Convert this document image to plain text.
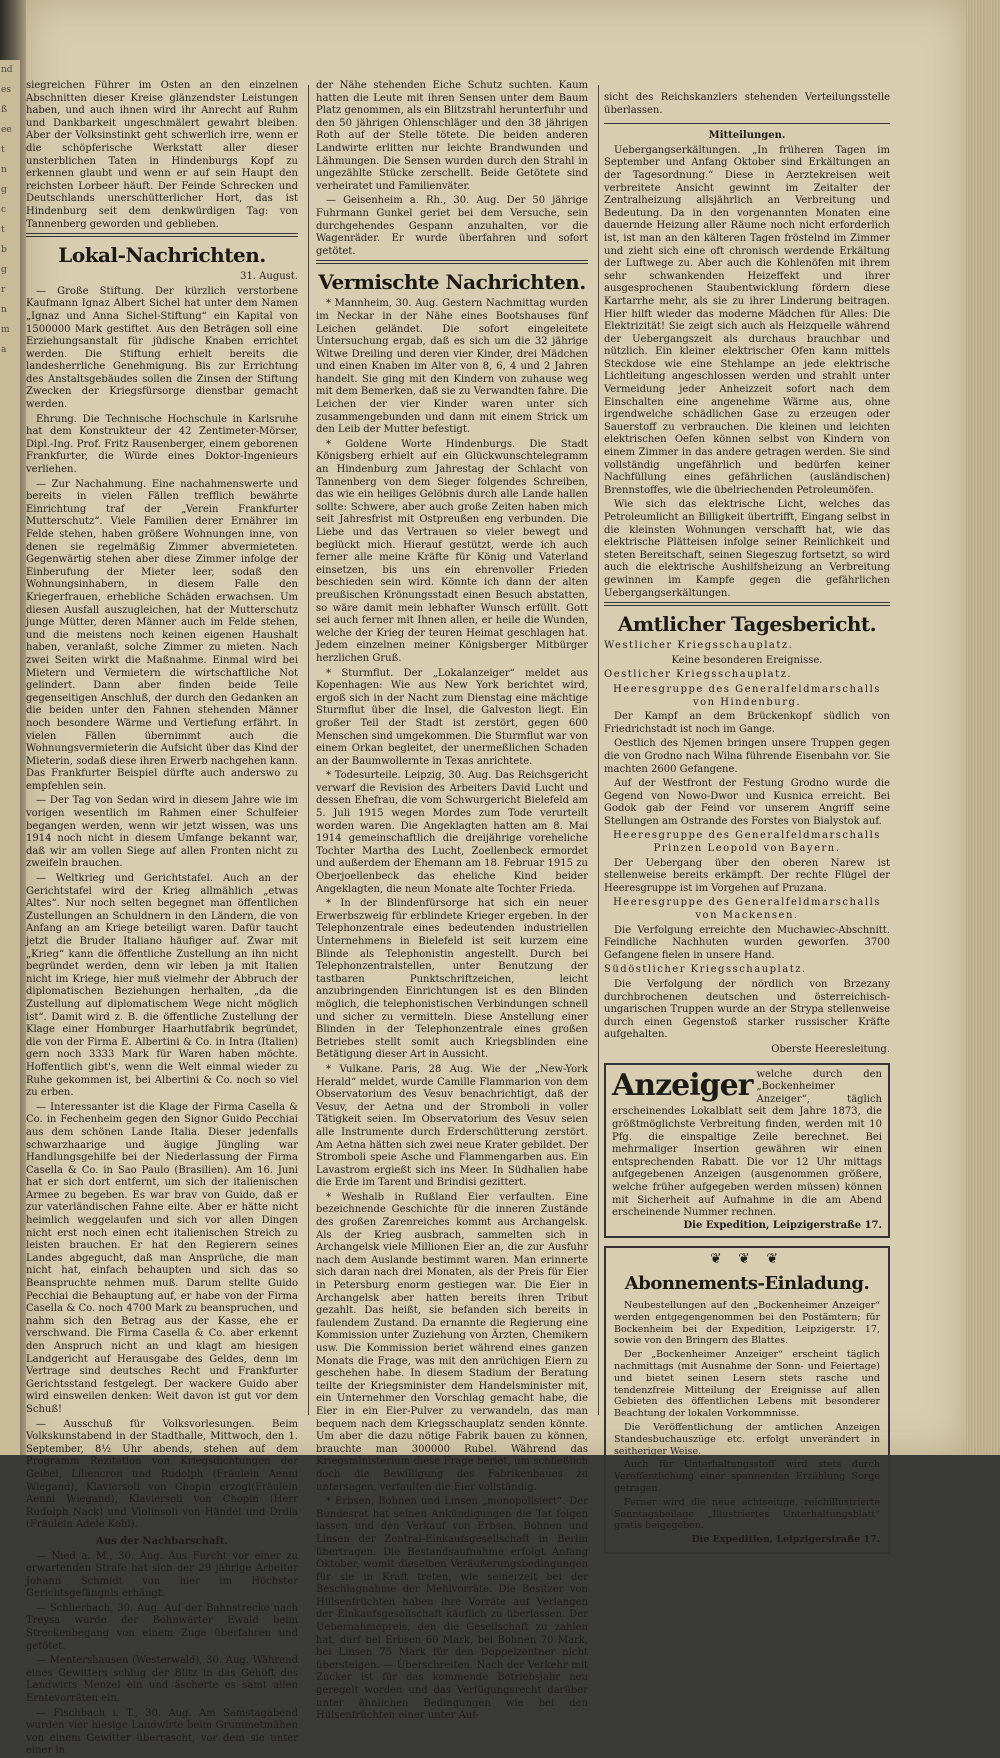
nd
es
ß
ee
t
n
g
c
t
b
g
r
n
m
a

siegreichen Führer im Osten an den einzelnen Abschnitten dieser Kreise glänzendster Leistungen haben, und auch ihnen wird ihr Anrecht auf Ruhm und Dankbarkeit ungeschmälert gewahrt bleiben. Aber der Volksinstinkt geht schwerlich irre, wenn er die schöpferische Werkstatt aller dieser unsterblichen Taten in Hindenburgs Kopf zu erkennen glaubt und wenn er auf sein Haupt den reichsten Lorbeer häuft. Der Feinde Schrecken und Deutschlands unerschütterlicher Hort, das ist Hindenburg seit dem denkwürdigen Tag: von Tannenberg geworden und geblieben.

Lokal-Nachrichten.
31. August.

— Große Stiftung. Der kürzlich verstorbene Kaufmann Ignaz Albert Sichel hat unter dem Namen „Ignaz und Anna Sichel-Stiftung“ ein Kapital von 1500000 Mark gestiftet. Aus den Beträgen soll eine Erziehungsanstalt für jüdische Knaben errichtet werden. Die Stiftung erhielt bereits die landesherrliche Genehmigung. Bis zur Errichtung des Anstaltsgebäudes sollen die Zinsen der Stiftung Zwecken der Kriegsfürsorge dienstbar gemacht werden.

Ehrung. Die Technische Hochschule in Karlsruhe hat dem Konstrukteur der 42 Zentimeter-Mörser, Dipl.-Ing. Prof. Fritz Rausenberger, einem geborenen Frankfurter, die Würde eines Doktor-Ingenieurs verliehen.

— Zur Nachahmung. Eine nachahmenswerte und bereits in vielen Fällen trefflich bewährte Einrichtung traf der „Verein Frankfurter Mutterschutz“. Viele Familien derer Ernährer im Felde stehen, haben größere Wohnungen inne, von denen sie regelmäßig Zimmer abvermieteten. Gegenwärtig stehen aber diese Zimmer infolge der Einberufung der Mieter leer, sodaß den Wohnungsinhabern, in diesem Falle den Kriegerfrauen, erhebliche Schäden erwachsen. Um diesen Ausfall auszugleichen, hat der Mutterschutz junge Mütter, deren Männer auch im Felde stehen, und die meistens noch keinen eigenen Haushalt haben, veranlaßt, solche Zimmer zu mieten. Nach zwei Seiten wirkt die Maßnahme. Einmal wird bei Mietern und Vermietern die wirtschaftliche Not gelindert. Dann aber finden beide Teile gegenseitigen Anschluß, der durch den Gedanken an die beiden unter den Fahnen stehenden Männer noch besondere Wärme und Vertiefung erfährt. In vielen Fällen übernimmt auch die Wohnungsvermieterin die Aufsicht über das Kind der Mieterin, sodaß diese ihren Erwerb nachgehen kann. Das Frankfurter Beispiel dürfte auch anderswo zu empfehlen sein.

— Der Tag von Sedan wird in diesem Jahre wie im vorigen wesentlich im Rahmen einer Schulfeier begangen werden, wenn wir jetzt wissen, was uns 1914 noch nicht in diesem Umfange bekannt war, daß wir am vollen Siege auf allen Fronten nicht zu zweifeln brauchen.

— Weltkrieg und Gerichtstafel. Auch an der Gerichtstafel wird der Krieg allmählich „etwas Altes“. Nur noch selten begegnet man öffentlichen Zustellungen an Schuldnern in den Ländern, die von Anfang an am Kriege beteiligt waren. Dafür taucht jetzt die Bruder Italiano häufiger auf. Zwar mit „Krieg“ kann die öffentliche Zustellung an ihn nicht begründet werden, denn wir leben ja mit Italien nicht im Kriege, hier muß vielmehr der Abbruch der diplomatischen Beziehungen herhalten, „da die Zustellung auf diplomatischem Wege nicht möglich ist“. Damit wird z. B. die öffentliche Zustellung der Klage einer Homburger Haarhutfabrik begründet, die von der Firma E. Albertini & Co. in Intra (Italien) gern noch 3333 Mark für Waren haben möchte. Hoffentlich gibt's, wenn die Welt einmal wieder zu Ruhe gekommen ist, bei Albertini & Co. noch so viel zu erben.

— Interessanter ist die Klage der Firma Casella & Co. in Fechenheim gegen den Signor Guido Pecchiai aus dem schönen Lande Italia. Dieser jedenfalls schwarzhaarige und äugige Jüngling war Handlungsgehilfe bei der Niederlassung der Firma Casella & Co. in Sao Paulo (Brasilien). Am 16. Juni hat er sich dort entfernt, um sich der italienischen Armee zu begeben. Es war brav von Guido, daß er zur vaterländischen Fahne eilte. Aber er hätte nicht heimlich weggelaufen und sich vor allen Dingen nicht erst noch einen echt italienischen Streich zu leisten brauchen. Er hat den Regierern seines Landes abgegucht, daß man Ansprüche, die man nicht hat, einfach behaupten und sich das so Beanspruchte nehmen muß. Darum stellte Guido Pecchiai die Behauptung auf, er habe von der Firma Casella & Co. noch 4700 Mark zu beanspruchen, und nahm sich den Betrag aus der Kasse, ehe er verschwand. Die Firma Casella & Co. aber erkennt den Anspruch nicht an und klagt am hiesigen Landgericht auf Herausgabe des Geldes, denn im Vertrage sind deutsches Recht und Frankfurter Gerichtsstand festgelegt. Der wackere Guido aber wird einsweilen denken: Weit davon ist gut vor dem Schuß!

— Ausschuß für Volksvorlesungen. Beim Volkskunstabend in der Stadthalle, Mittwoch, den 1. September, 8½ Uhr abends, stehen auf dem Programm Rezitation von Kriegsdichtungen der Geibel, Liliencron und Rudolph (Fräulein Aenni Wiegand), Klaviersoli von Chopin erzogl(Fräulein Aenni Wiegand), Klaviersoli von Chopin (Herr Rudolph Nack) und Violinsoli von Händel und Drdla (Fräulein Adele Kohl).

Aus der Nachbarschaft.

— Nied a. M., 30. Aug. Aus Furcht vor einer zu erwartenden Strafe hat sich der 29 jährige Arbeiter Johann Schmidt von hier im Höchster Gerichtsgefängnis erhängt.

— Schlierbach, 30. Aug. Auf der Bahnstrecke nach Treysa wurde der Bohnwärter Ewald beim Streckenbegang von einem Zuge überfahren und getötet.

— Mentershausen (Westerwald), 30. Aug. Während eines Gewitters schlug der Blitz in das Gehöft des Landwirts Menzel ein und äscherte es samt allen Erntevorräten ein.

— Fischbach i. T., 30. Aug. Am Samstagabend wurden vier hiesige Landwirte beim Grummetmähen von einem Gewitter überrascht, vor dem sie unter einer in

der Nähe stehenden Eiche Schutz suchten. Kaum hatten die Leute mit ihren Sensen unter dem Baum Platz genommen, als ein Blitzstrahl herunterfuhr und den 50 jährigen Ohlenschläger und den 38 jährigen Roth auf der Stelle tötete. Die beiden anderen Landwirte erlitten nur leichte Brandwunden und Lähmungen. Die Sensen wurden durch den Strahl in ungezählte Stücke zerschellt. Beide Getötete sind verheiratet und Familienväter.

— Geisenheim a. Rh., 30. Aug. Der 50 jährige Fuhrmann Gunkel geriet bei dem Versuche, sein durchgehendes Gespann anzuhalten, vor die Wagenräder. Er wurde überfahren und sofort getötet.

Vermischte Nachrichten.

* Mannheim, 30. Aug. Gestern Nachmittag wurden im Neckar in der Nähe eines Bootshauses fünf Leichen geländet. Die sofort eingeleitete Untersuchung ergab, daß es sich um die 32 jährige Witwe Dreiling und deren vier Kinder, drei Mädchen und einen Knaben im Alter von 8, 6, 4 und 2 Jahren handelt. Sie ging mit den Kindern von zuhause weg mit dem Bemerken, daß sie zu Verwandten fahre. Die Leichen der vier Kinder waren unter sich zusammengebunden und dann mit einem Strick um den Leib der Mutter befestigt.

* Goldene Worte Hindenburgs. Die Stadt Königsberg erhielt auf ein Glückwunschtelegramm an Hindenburg zum Jahrestag der Schlacht von Tannenberg von dem Sieger folgendes Schreiben, das wie ein heiliges Gelöbnis durch alle Lande hallen sollte: Schwere, aber auch große Zeiten haben mich seit Jahresfrist mit Ostpreußen eng verbunden. Die Liebe und das Vertrauen so vieler bewegt und beglückt mich. Hierauf gestützt, werde ich auch ferner alle meine Kräfte für König und Vaterland einsetzen, bis uns ein ehrenvoller Frieden beschieden sein wird. Könnte ich dann der alten preußischen Krönungsstadt einen Besuch abstatten, so wäre damit mein lebhafter Wunsch erfüllt. Gott sei auch ferner mit Ihnen allen, er heile die Wunden, welche der Krieg der teuren Heimat geschlagen hat. Jedem einzelnen meiner Königsberger Mitbürger herzlichen Gruß.

* Sturmflut. Der „Lokalanzeiger“ meldet aus Kopenhagen: Wie aus New York berichtet wird, ergoß sich in der Nacht zum Dienstag eine mächtige Sturmflut über die Insel, die Galveston liegt. Ein großer Teil der Stadt ist zerstört, gegen 600 Menschen sind umgekommen. Die Sturmflut war von einem Orkan begleitet, der unermeßlichen Schaden an der Baumwollernte in Texas anrichtete.

* Todesurteile. Leipzig, 30. Aug. Das Reichsgericht verwarf die Revision des Arbeiters David Lucht und dessen Ehefrau, die vom Schwurgericht Bielefeld am 5. Juli 1915 wegen Mordes zum Tode verurteilt worden waren. Die Angeklagten hatten am 8. Mai 1914 gemeinschaftlich die dreijährige voreheliche Tochter Martha des Lucht, Zoellenbeck ermordet und außerdem der Ehemann am 18. Februar 1915 zu Oberjoellenbeck das eheliche Kind beider Angeklagten, die neun Monate alte Tochter Frieda.

* In der Blindenfürsorge hat sich ein neuer Erwerbszweig für erblindete Krieger ergeben. In der Telephonzentrale eines bedeutenden industriellen Unternehmens in Bielefeld ist seit kurzem eine Blinde als Telephonistin angestellt. Durch bei Telephonzentralstellen, unter Benutzung der tastbaren Punktschriftzeichen, leicht anzubringenden Einrichtungen ist es den Blinden möglich, die telephonistischen Verbindungen schnell und sicher zu vermitteln. Diese Anstellung einer Blinden in der Telephonzentrale eines großen Betriebes stellt somit auch Kriegsblinden eine Betätigung dieser Art in Aussicht.

* Vulkane. Paris, 28 Aug. Wie der „New-York Herald“ meldet, wurde Camille Flammarion von dem Observatorium des Vesuv benachrichtigt, daß der Vesuv, der Aetna und der Stromboli in voller Tätigkeit seien. Im Observatorium des Vesuv seien alle Instrumente durch Erderschütterung zerstört. Am Aetna hätten sich zwei neue Krater gebildet. Der Stromboli speie Asche und Flammengarben aus. Ein Lavastrom ergießt sich ins Meer. In Südhalien habe die Erde im Tarent und Brindisi gezittert.

* Weshalb in Rußland Eier verfaulten. Eine bezeichnende Geschichte für die inneren Zustände des großen Zarenreiches kommt aus Archangelsk. Als der Krieg ausbrach, sammelten sich in Archangelsk viele Millionen Eier an, die zur Ausfuhr nach dem Auslande bestimmt waren. Man erinnerte sich daran nach drei Monaten, als der Preis für Eier in Petersburg enorm gestiegen war. Die Eier in Archangelsk aber hatten bereits ihren Tribut gezahlt. Das heißt, sie befanden sich bereits in faulendem Zustand. Da ernannte die Regierung eine Kommission unter Zuziehung von Ärzten, Chemikern usw. Die Kommission beriet während eines ganzen Monats die Frage, was mit den anrüchigen Eiern zu geschehen habe. In diesem Stadium der Beratung teilte der Kriegsminister dem Handelsminister mit, ein Unternehmer den Vorschlag gemacht habe, die Eier in ein Eier-Pulver zu verwandeln, das man bequem nach dem Kriegsschauplatz senden könnte. Um aber die dazu nötige Fabrik bauen zu können, brauchte man 300000 Rubel. Während das Kriegsministerium diese Frage beriet, um schließlich doch die Bewilligung des Fabrikenbaues zu untersagen, verfaulten die Eier vollständig.

* Erbsen, Bohnen und Linsen „monopolisiert“. Der Bundesrat hat seinen Ankündigungen die Tat folgen lassen und den Verkauf von Erbsen, Bohnen und Linsen der Zentral-Einkaufsgesellschaft in Berlin übertragen. Die Bestandsaufnahme erfolgt Anfang Oktober, womit dieselben Veräußerungsbedingungen für sie in Kraft treten, wie seinerzeit bei der Beschlagnahme der Mehlvorräte. Die Besitzer von Hülsenfrüchten haben ihre Vorräte auf Verlangen der Einkaufsgesellschaft käuflich zu überlassen. Der Uebernahmepreis, den die Gesellschaft zu zahlen hat, darf bei Erbsen 60 Mark, bei Bohnen 70 Mark, bei Linsen 75 Mark für den Doppelzentner nicht übersteigen. — Überschreiten. Nach der Verkehr mit Zucker ist für das kommende Betriebsjahr neu geregelt worden und das Verfügungsrecht darüber unter ähnlichen Bedingungen wie bei den Hülsenfrüchten einer unter Auf-

sicht des Reichskanzlers stehenden Verteilungsstelle überlassen.

Mitteilungen.

Uebergangserkältungen. „In früheren Tagen im September und Anfang Oktober sind Erkältungen an der Tagesordnung.“ Diese in Aerztekreisen weit verbreitete Ansicht gewinnt im Zeitalter der Zentralheizung allsjährlich an Verbreitung und Bedeutung. Da in den vorgenannten Monaten eine dauernde Heizung aller Räume noch nicht erforderlich ist, ist man an den kälteren Tagen fröstelnd im Zimmer und zieht sich eine oft chronisch werdende Erkältung der Luftwege zu. Aber auch die Kohlenöfen mit ihrem sehr schwankenden Heizeffekt und ihrer ausgesprochenen Staubentwicklung fördern diese Kartarrhe mehr, als sie zu ihrer Linderung beitragen. Hier hilft wieder das moderne Mädchen für Alles: Die Elektrizität! Sie zeigt sich auch als Heizquelle während der Uebergangszeit als durchaus brauchbar und nützlich. Ein kleiner elektrischer Ofen kann mittels Steckdose wie eine Stehlampe an jede elektrische Lichtleitung angeschlossen werden und strahlt unter Vermeidung jeder Anheizzeit sofort nach dem Einschalten eine angenehme Wärme aus, ohne irgendwelche schädlichen Gase zu erzeugen oder Sauerstoff zu verbrauchen. Die kleinen und leichten elektrischen Oefen können selbst von Kindern von einem Zimmer in das andere getragen werden. Sie sind vollständig ungefährlich und bedürfen keiner Nachfüllung eines gefährlichen (ausländischen) Brennstoffes, wie die übelriechenden Petroleumöfen.

Wie sich das elektrische Licht, welches das Petroleumlicht an Billigkeit übertrifft, Eingang selbst in die kleinsten Wohnungen verschafft hat, wie das elektrische Plätteisen infolge seiner Reinlichkeit und steten Bereitschaft, seinen Siegeszug fortsetzt, so wird auch die elektrische Aushilfsheizung an Verbreitung gewinnen im Kampfe gegen die gefährlichen Uebergangserkältungen.

Amtlicher Tagesbericht.

Westlicher Kriegsschauplatz.

Keine besonderen Ereignisse.

Oestlicher Kriegsschauplatz.

Heeresgruppe des Generalfeldmarschalls von Hindenburg.

Der Kampf an dem Brückenkopf südlich von Friedrichstadt ist noch im Gange.

Oestlich des Njemen bringen unsere Truppen gegen die von Grodno nach Wilna führende Eisenbahn vor. Sie machten 2600 Gefangene.

Auf der Westfront der Festung Grodno wurde die Gegend von Nowo-Dwor und Kusnica erreicht. Bei Godok gab der Feind vor unserem Angriff seine Stellungen am Ostrande des Forstes von Bialystok auf.

Heeresgruppe des Generalfeldmarschalls Prinzen Leopold von Bayern.

Der Uebergang über den oberen Narew ist stellenweise bereits erkämpft. Der rechte Flügel der Heeresgruppe ist im Vorgehen auf Pruzana.

Heeresgruppe des Generalfeldmarschalls von Mackensen.

Die Verfolgung erreichte den Muchawiec-Abschnitt. Feindliche Nachhuten wurden geworfen. 3700 Gefangene fielen in unsere Hand.

Südöstlicher Kriegsschauplatz.

Die Verfolgung der nördlich von Brzezany durchbrochenen deutschen und österreichisch-ungarischen Truppen wurde an der Strypa stellenweise durch einen Gegenstoß starker russischer Kräfte aufgehalten.

Oberste Heeresleitung.

Anzeiger welche durch den „Bockenheimer Anzeiger“, täglich erscheinendes Lokalblatt seit dem Jahre 1873, die größtmöglichste Verbreitung finden, werden mit 10 Pfg. die einspaltige Zeile berechnet. Bei mehrmaliger Insertion gewähren wir einen entsprechenden Rabatt. Die vor 12 Uhr mittags aufgegebenen Anzeigen (ausgenommen größere, welche früher aufgegeben werden müssen) können mit Sicherheit auf Aufnahme in die am Abend erscheinende Nummer rechnen.
Die Expedition, Leipzigerstraße 17.
❦ ❦ ❦
Abonnements-Einladung.

Neubestellungen auf den „Bockenheimer Anzeiger“ werden entgegengenommen bei den Postämtern; für Bockenheim bei der Expedition, Leipzigerstr. 17, sowie von den Bringern des Blattes.

Der „Bockenheimer Anzeiger“ erscheint täglich nachmittags (mit Ausnahme der Sonn- und Feiertage) und bietet seinen Lesern stets rasche und tendenzfreie Mitteilung der Ereignisse auf allen Gebieten des öffentlichen Lebens mit besonderer Beachtung der lokalen Vorkommnisse.

Die Veröffentlichung der amtlichen Anzeigen Standesbuchauszüge etc. erfolgt unverändert in seitheriger Weise.

Auch für Unterhaltungsstoff wird stets durch Veröffentlichung einer spannenden Erzählung Sorge getragen.

Ferner wird die neue achtseitige, reichillustrierte Sonntagsbeilage „Illustriertes Unterhaltungsblatt“ gratis beigegeben.

Die Expedition, Leipzigerstraße 17.
